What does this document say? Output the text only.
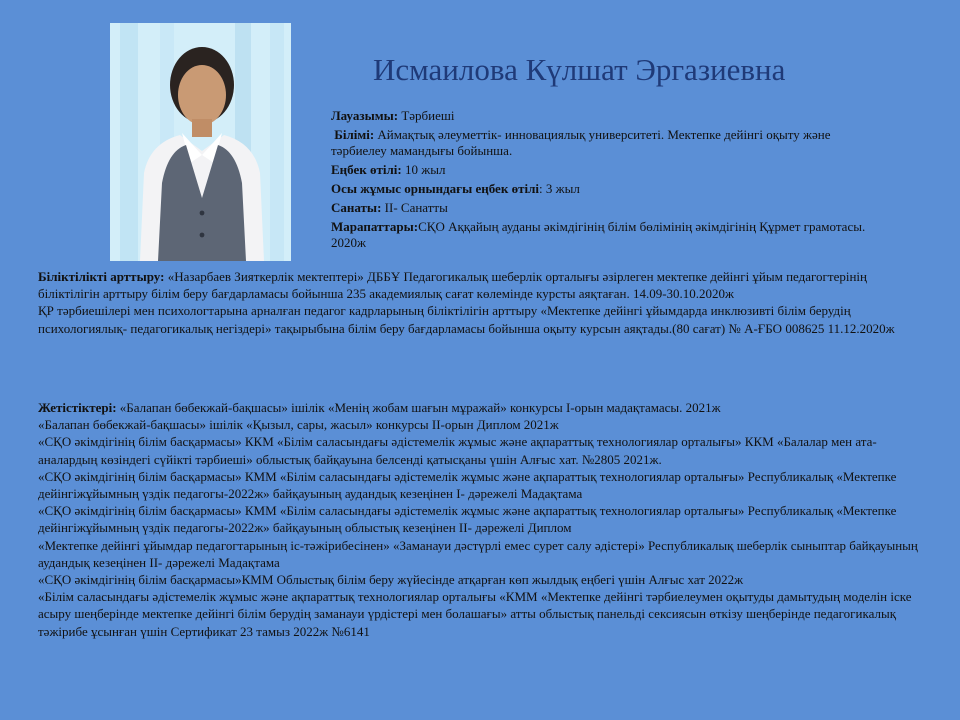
Исмаилова Күлшат Эргазиевна

Лауазымы: Тәрбиеші

Білімі: Аймақтық әлеуметтік- инновациялық университеті. Мектепке дейінгі оқыту және тәрбиелеу мамандығы бойынша.

Еңбек өтілі: 10 жыл

Осы жұмыс орнындағы еңбек өтілі: 3 жыл

Санаты: ІІ- Санатты

Марапаттары:СҚО Аққайың ауданы әкімдігінің білім бөлімінің әкімдігінің Құрмет грамотасы. 2020ж

Біліктілікті арттыру: «Назарбаев Зияткерлік мектептері» ДББҰ Педагогикалық шеберлік орталығы әзірлеген мектепке дейінгі ұйым педагогтерінің біліктілігін арттыру білім беру бағдарламасы бойынша 235 академиялық сағат көлемінде курсты аяқтаған. 14.09-30.10.2020ж

ҚР тәрбиешілері мен психологтарына арналған педагог кадрларының біліктілігін арттыру «Мектепке дейінгі ұйымдарда инклюзивті білім берудің психологиялық- педагогикалық негіздері» тақырыбына білім беру бағдарламасы бойынша оқыту курсын аяқтады.(80 сағат) № А-ҒБО 008625 11.12.2020ж

Жетістіктері: «Балапан бөбекжай-бақшасы» ішілік «Менің жобам шағын мұражай» конкурсы І-орын мадақтамасы. 2021ж

«Балапан бөбекжай-бақшасы» ішілік «Қызыл, сары, жасыл» конкурсы ІІ-орын Диплом 2021ж

«СҚО әкімдігінің білім басқармасы» ККМ «Білім саласындағы әдістемелік жұмыс және ақпараттық технологиялар орталығы» ККМ «Балалар мен ата-аналардың көзіндегі сүйікті тәрбиеші» облыстық байқауына белсенді қатысқаны үшін Алғыс хат. №2805 2021ж.

«СҚО әкімдігінің білім басқармасы» КММ «Білім саласындағы әдістемелік жұмыс және ақпараттық технологиялар орталығы» Республикалық «Мектепке дейінгіжұйымның үздік педагогы-2022ж» байқауының аудандық кезеңінен І- дәрежелі Мадақтама

«СҚО әкімдігінің білім басқармасы» КММ «Білім саласындағы әдістемелік жұмыс және ақпараттық технологиялар орталығы» Республикалық «Мектепке дейінгіжұйымның үздік педагогы-2022ж» байқауының облыстық кезеңінен ІІ- дәрежелі Диплом

«Мектепке дейінгі ұйымдар педагогтарының іс-тәжірибесінен» «Заманауи дәстүрлі емес сурет салу әдістері» Республикалық шеберлік сыныптар байқауының аудандық кезеңінен ІІ- дәрежелі Мадақтама

«СҚО әкімдігінің білім басқармасы»КММ Облыстық білім беру жүйесінде атқарған көп жылдық еңбегі үшін Алғыс хат 2022ж

«Білім саласындағы әдістемелік жұмыс және ақпараттық технологиялар орталығы «КММ «Мектепке дейінгі тәрбиелеумен оқытуды дамытудың моделін іске асыру шеңберінде мектепке дейінгі білім берудің заманауи үрдістері мен болашағы» атты облыстық панельді сексиясын өткізу шеңберінде педагогикалық тәжірибе ұсынған үшін Сертификат 23 тамыз 2022ж №6141
